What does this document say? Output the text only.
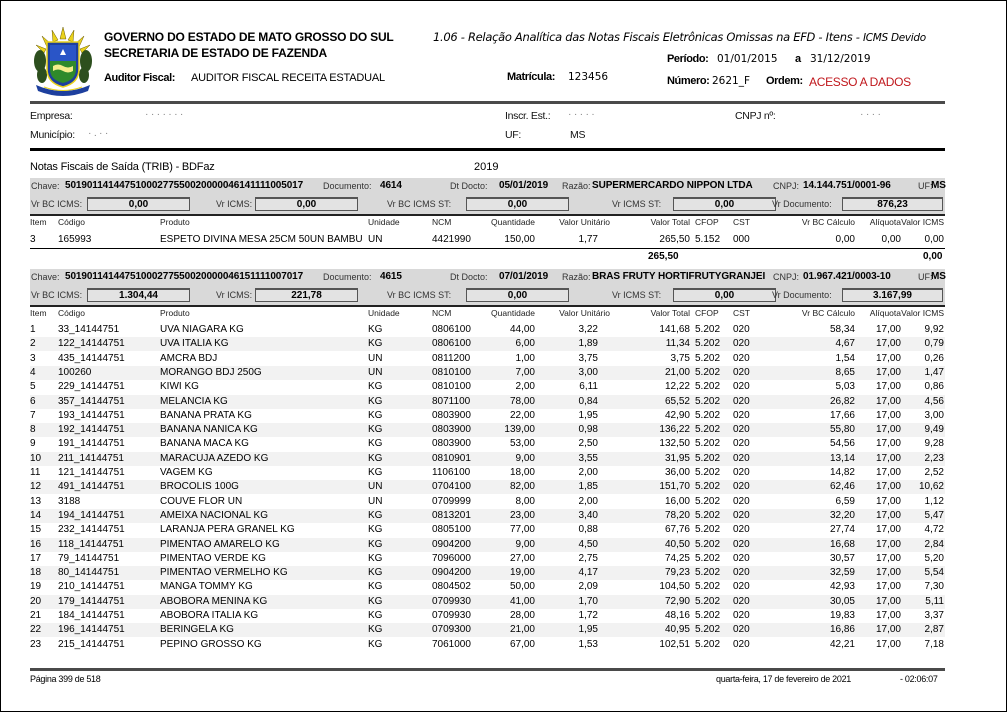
GOVERNO DO ESTADO DE MATO GROSSO DO SUL
SECRETARIA DE ESTADO DE FAZENDA
Auditor Fiscal: AUDITOR FISCAL RECEITA ESTADUAL
1.06 - Relação Analítica das Notas Fiscais Eletrônicas Omissas na EFD - Itens - ICMS Devido
Período: 01/01/2015 a 31/12/2019
Matrícula: 123456	Número: 2621_F Ordem: ACESSO A DADOS
Empresa:	· · · · · · ·	Inscr. Est.: · · · · ·	CNPJ nº:	· · · ·
Município: · . · ·	UF:	MS
Notas Fiscais de Saída (TRIB) - BDFaz	2019
Chave: 50190114144751000277550020000046141111005017 Documento: 4614	Dt Docto: 05/01/2019 Razão: SUPERMERCARDO NIPPON LTDA CNPJ: 14.144.751/0001-96	UF:
MS
Vr BC ICMS:	0,00	Vr ICMS:	0,00	Vr BC ICMS ST:	0,00	Vr ICMS ST:	0,00	Vr Documento:	876,23
Item	Código	Produto	Unidade	NCM	Quantidade	Valor Unitário	Valor Total CFOP	CST	Vr BC Cálculo	Alíquota Valor ICMS
3	165993	ESPETO DIVINA MESA 25CM 50UN BAMBU UN	4421990	150,00	1,77	265,50 5.152	000	0,00	0,00	0,00
265,50	0,00
Chave: 50190114144751000277550020000046151111007017 Documento: 4615	Dt Docto: 07/01/2019 Razão: BRAS FRUTY HORTIFRUTYGRANJEI CNPJ: 01.967.421/0003-10	UF:
MS
Vr BC ICMS:	1.304,44	Vr ICMS:	221,78	Vr BC ICMS ST:	0,00	Vr ICMS ST:	0,00	Vr Documento:	3.167,99
Item	Código	Produto	Unidade	NCM	Quantidade	Valor Unitário	Valor Total CFOP	CST	Vr BC Cálculo	Alíquota Valor ICMS
1	33_14144751	UVA NIAGARA KG	KG	0806100	44,00	3,22	141,68 5.202	020	58,34	17,00	9,92
2	122_14144751	UVA ITALIA KG	KG	0806100	6,00	1,89	11,34 5.202	020	4,67	17,00	0,79
3	435_14144751	AMCRA BDJ	UN	0811200	1,00	3,75	3,75 5.202	020	1,54	17,00	0,26
4	100260	MORANGO BDJ 250G	UN	0810100	7,00	3,00	21,00 5.202	020	8,65	17,00	1,47
5	229_14144751	KIWI KG	KG	0810100	2,00	6,11	12,22 5.202	020	5,03	17,00	0,86
6	357_14144751	MELANCIA KG	KG	8071100	78,00	0,84	65,52 5.202	020	26,82	17,00	4,56
7	193_14144751	BANANA PRATA KG	KG	0803900	22,00	1,95	42,90 5.202	020	17,66	17,00	3,00
8	192_14144751	BANANA NANICA KG	KG	0803900	139,00	0,98	136,22 5.202	020	55,80	17,00	9,49
9	191_14144751	BANANA MACA KG	KG	0803900	53,00	2,50	132,50 5.202	020	54,56	17,00	9,28
10	211_14144751	MARACUJA AZEDO KG	KG	0810901	9,00	3,55	31,95 5.202	020	13,14	17,00	2,23
11	121_14144751	VAGEM KG	KG	1106100	18,00	2,00	36,00 5.202	020	14,82	17,00	2,52
12	491_14144751	BROCOLIS 100G	UN	0704100	82,00	1,85	151,70 5.202	020	62,46	17,00	10,62
13	3188	COUVE FLOR UN	UN	0709999	8,00	2,00	16,00 5.202	020	6,59	17,00	1,12
14	194_14144751	AMEIXA NACIONAL KG	KG	0813201	23,00	3,40	78,20 5.202	020	32,20	17,00	5,47
15	232_14144751	LARANJA PERA GRANEL KG	KG	0805100	77,00	0,88	67,76 5.202	020	27,74	17,00	4,72
16	118_14144751	PIMENTAO AMARELO KG	KG	0904200	9,00	4,50	40,50 5.202	020	16,68	17,00	2,84
17	79_14144751	PIMENTAO VERDE KG	KG	7096000	27,00	2,75	74,25 5.202	020	30,57	17,00	5,20
18	80_14144751	PIMENTAO VERMELHO KG	KG	0904200	19,00	4,17	79,23 5.202	020	32,59	17,00	5,54
19	210_14144751	MANGA TOMMY KG	KG	0804502	50,00	2,09	104,50 5.202	020	42,93	17,00	7,30
20	179_14144751	ABOBORA MENINA KG	KG	0709930	41,00	1,70	72,90 5.202	020	30,05	17,00	5,11
21	184_14144751	ABOBORA ITALIA KG	KG	0709930	28,00	1,72	48,16 5.202	020	19,83	17,00	3,37
22	196_14144751	BERINGELA KG	KG	0709300	21,00	1,95	40,95 5.202	020	16,86	17,00	2,87
23	215_14144751	PEPINO GROSSO KG	KG	7061000	67,00	1,53	102,51 5.202	020	42,21	17,00	7,18
Página 399 de 518	quarta-feira, 17 de fevereiro de 2021	- 02:06:07
